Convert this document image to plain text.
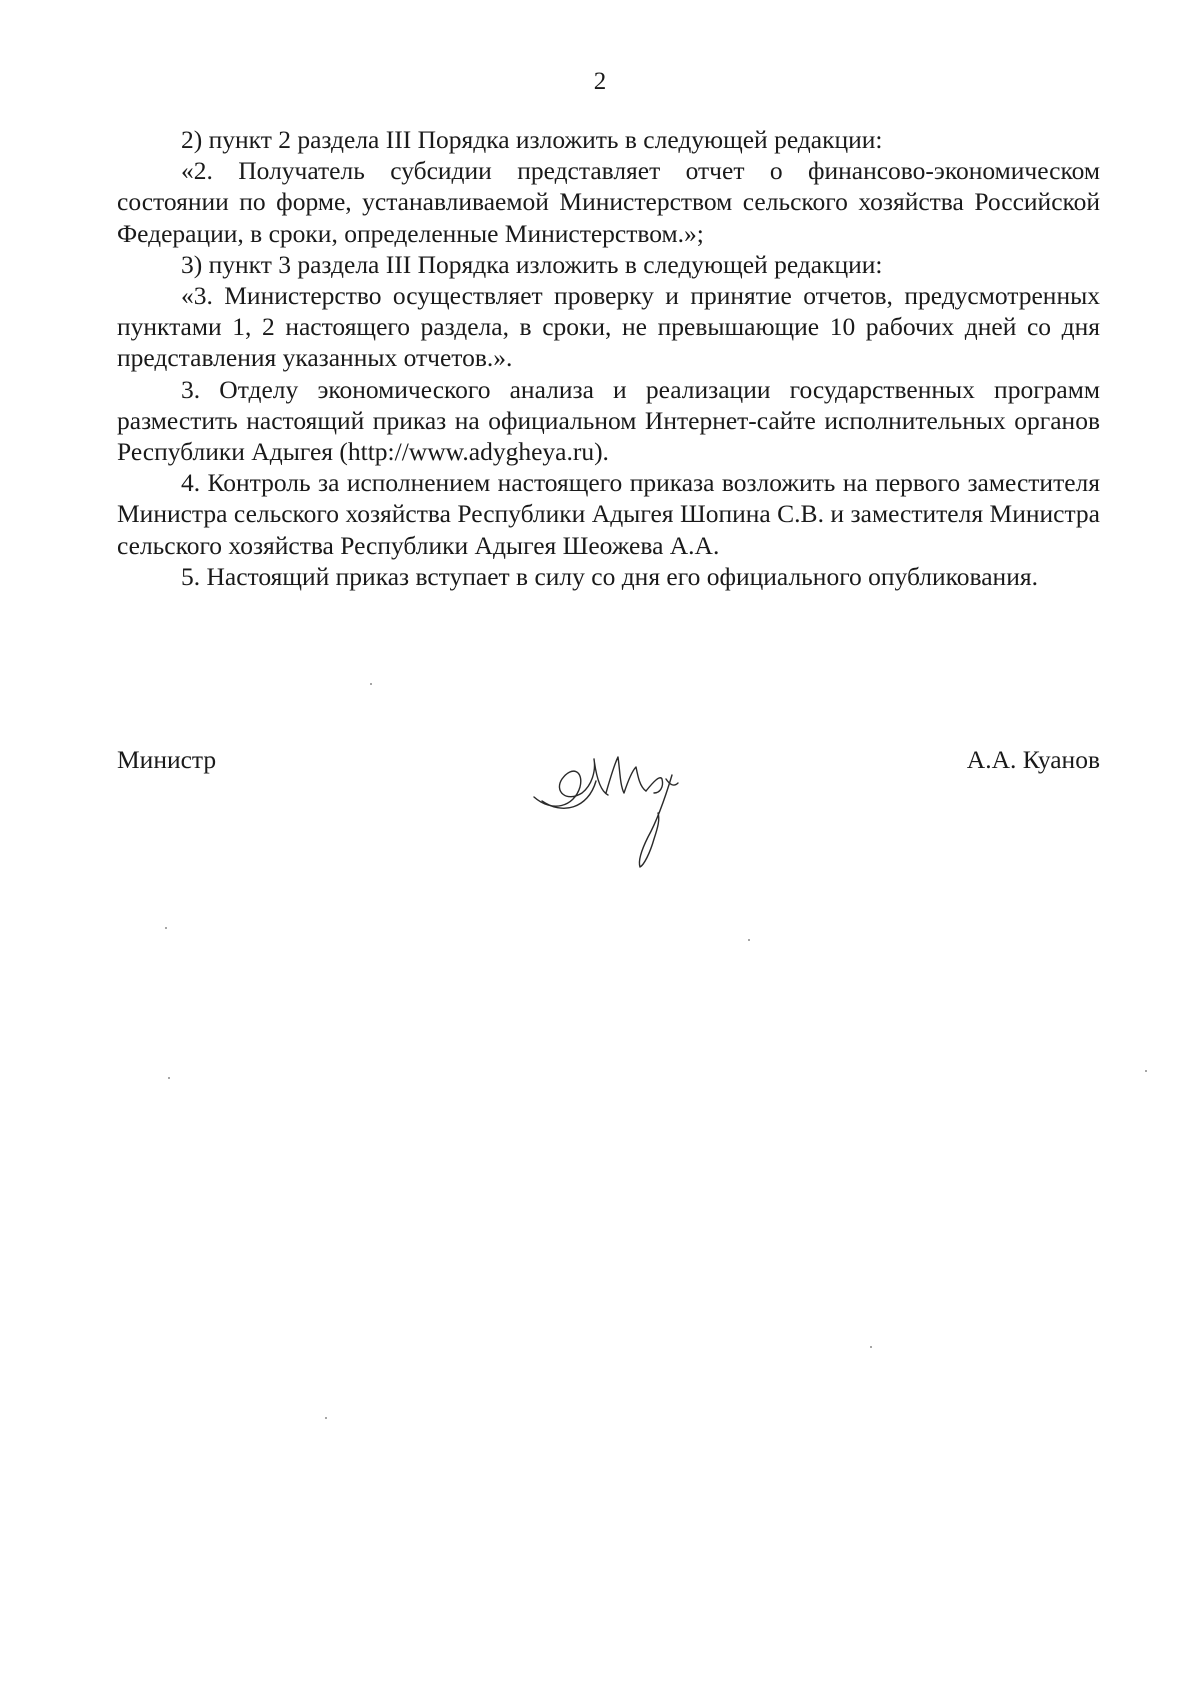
2

2) пункт 2 раздела III Порядка изложить в следующей редакции:

«2. Получатель субсидии представляет отчет о финансово-экономическом состоянии по форме, устанавливаемой Министерством сельского хозяйства Российской Федерации, в сроки, определенные Министерством.»;

3) пункт 3 раздела III Порядка изложить в следующей редакции:

«3. Министерство осуществляет проверку и принятие отчетов, предусмотренных пунктами 1, 2 настоящего раздела, в сроки, не превышающие 10 рабочих дней со дня представления указанных отчетов.».

3. Отделу экономического анализа и реализации государственных программ разместить настоящий приказ на официальном Интернет-сайте исполнительных органов Республики Адыгея (http://www.adygheya.ru).

4. Контроль за исполнением настоящего приказа возложить на первого заместителя Министра сельского хозяйства Республики Адыгея Шопина С.В. и заместителя Министра сельского хозяйства Республики Адыгея Шеожева А.А.

5. Настоящий приказ вступает в силу со дня его официального опубликования.

Министр	А.А. Куанов
